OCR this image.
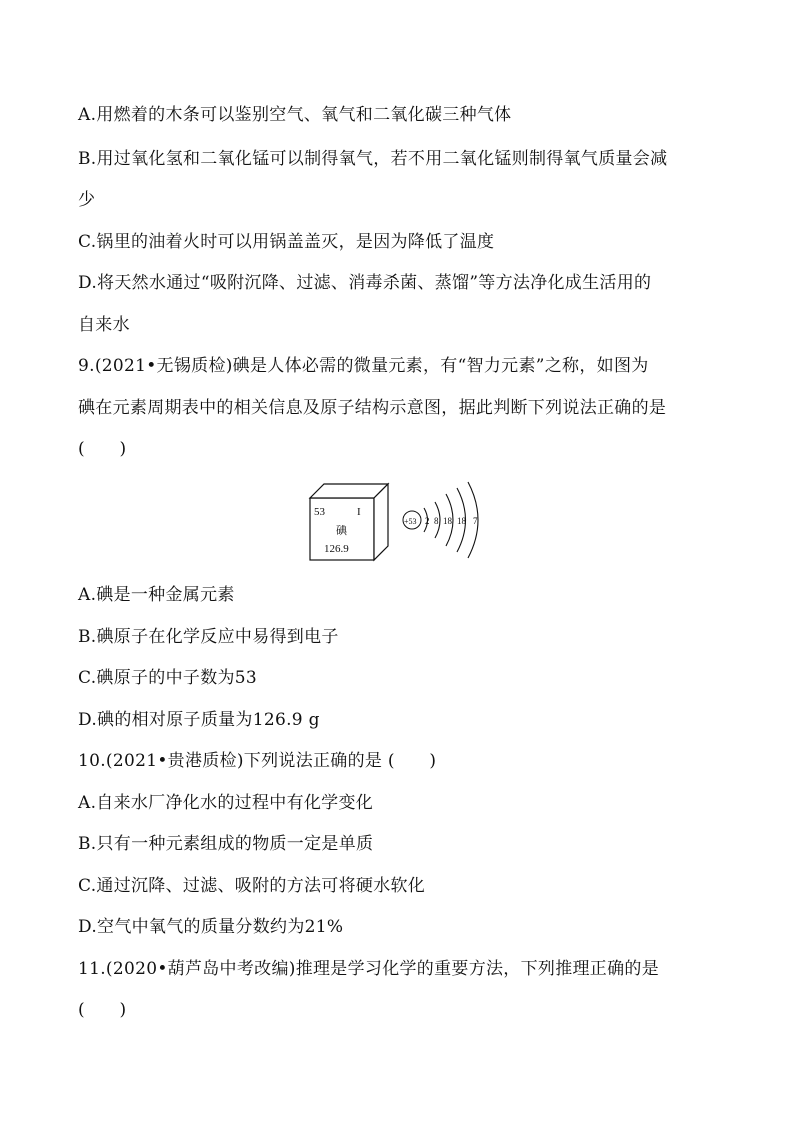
A.用燃着的木条可以鉴别空气、氧气和二氧化碳三种气体
B.用过氧化氢和二氧化锰可以制得氧气，若不用二氧化锰则制得氧气质量会减
少
C.锅里的油着火时可以用锅盖盖灭，是因为降低了温度
D.将天然水通过“吸附沉降、过滤、消毒杀菌、蒸馏”等方法净化成生活用的
自来水
9.(2021•无锡质检)碘是人体必需的微量元素，有“智力元素”之称，如图为
碘在元素周期表中的相关信息及原子结构示意图，据此判断下列说法正确的是
(　　)
53	I
碘
126.9
+53 2 8 18 18 7
A.碘是一种金属元素
B.碘原子在化学反应中易得到电子
C.碘原子的中子数为53
D.碘的相对原子质量为126.9 g
10.(2021•贵港质检)下列说法正确的是 (　　)
A.自来水厂净化水的过程中有化学变化
B.只有一种元素组成的物质一定是单质
C.通过沉降、过滤、吸附的方法可将硬水软化
D.空气中氧气的质量分数约为21%
11.(2020•葫芦岛中考改编)推理是学习化学的重要方法，下列推理正确的是
(　　)
